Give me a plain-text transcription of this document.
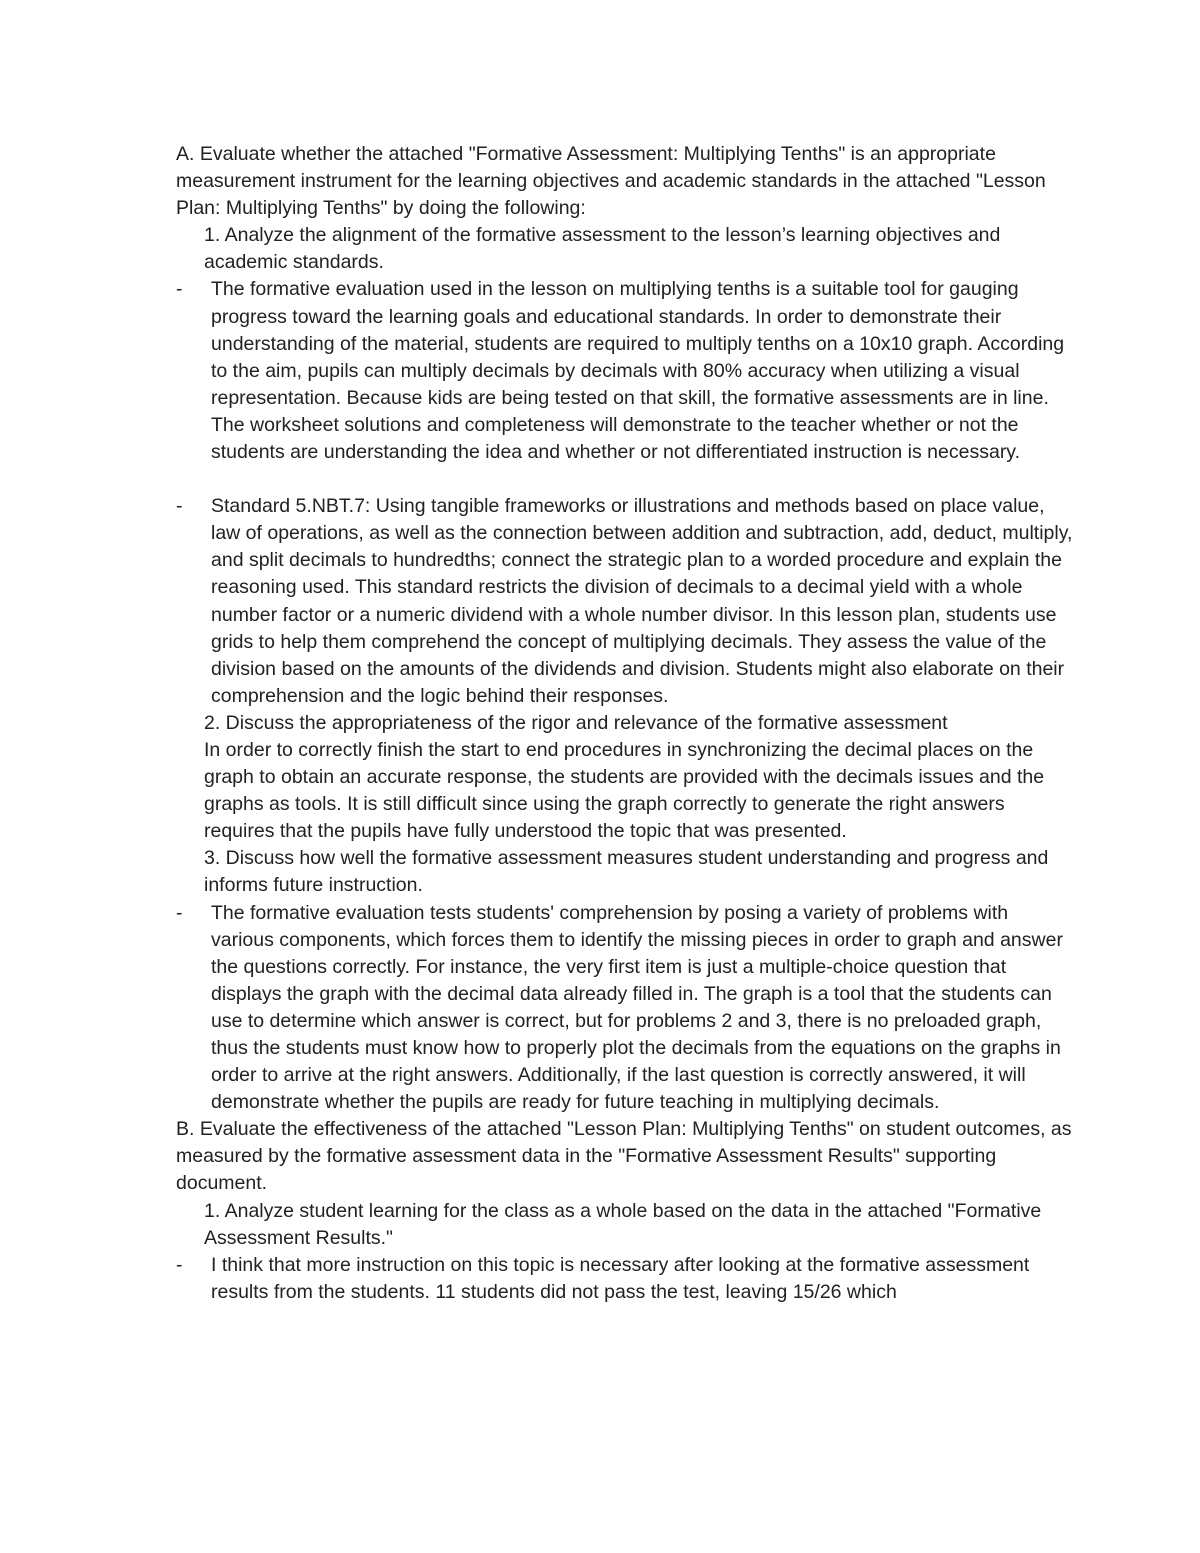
A. Evaluate whether the attached "Formative Assessment: Multiplying Tenths" is an appropriate measurement instrument for the learning objectives and academic standards in the attached "Lesson Plan: Multiplying Tenths" by doing the following:

1. Analyze the alignment of the formative assessment to the lesson’s learning objectives and academic standards.

- The formative evaluation used in the lesson on multiplying tenths is a suitable tool for gauging progress toward the learning goals and educational standards. In order to demonstrate their understanding of the material, students are required to multiply tenths on a 10x10 graph. According to the aim, pupils can multiply decimals by decimals with 80% accuracy when utilizing a visual representation. Because kids are being tested on that skill, the formative assessments are in line. The worksheet solutions and completeness will demonstrate to the teacher whether or not the students are understanding the idea and whether or not differentiated instruction is necessary.

- Standard 5.NBT.7: Using tangible frameworks or illustrations and methods based on place value, law of operations, as well as the connection between addition and subtraction, add, deduct, multiply, and split decimals to hundredths; connect the strategic plan to a worded procedure and explain the reasoning used. This standard restricts the division of decimals to a decimal yield with a whole number factor or a numeric dividend with a whole number divisor. In this lesson plan, students use grids to help them comprehend the concept of multiplying decimals. They assess the value of the division based on the amounts of the dividends and division. Students might also elaborate on their comprehension and the logic behind their responses.

2. Discuss the appropriateness of the rigor and relevance of the formative assessment

In order to correctly finish the start to end procedures in synchronizing the decimal places on the graph to obtain an accurate response, the students are provided with the decimals issues and the graphs as tools. It is still difficult since using the graph correctly to generate the right answers requires that the pupils have fully understood the topic that was presented.

3. Discuss how well the formative assessment measures student understanding and progress and informs future instruction.

- The formative evaluation tests students' comprehension by posing a variety of problems with various components, which forces them to identify the missing pieces in order to graph and answer the questions correctly. For instance, the very first item is just a multiple-choice question that displays the graph with the decimal data already filled in. The graph is a tool that the students can use to determine which answer is correct, but for problems 2 and 3, there is no preloaded graph, thus the students must know how to properly plot the decimals from the equations on the graphs in order to arrive at the right answers. Additionally, if the last question is correctly answered, it will demonstrate whether the pupils are ready for future teaching in multiplying decimals.

B. Evaluate the effectiveness of the attached "Lesson Plan: Multiplying Tenths" on student outcomes, as measured by the formative assessment data in the "Formative Assessment Results" supporting document.

1. Analyze student learning for the class as a whole based on the data in the attached "Formative Assessment Results."

- I think that more instruction on this topic is necessary after looking at the formative assessment results from the students. 11 students did not pass the test, leaving 15/26 which
